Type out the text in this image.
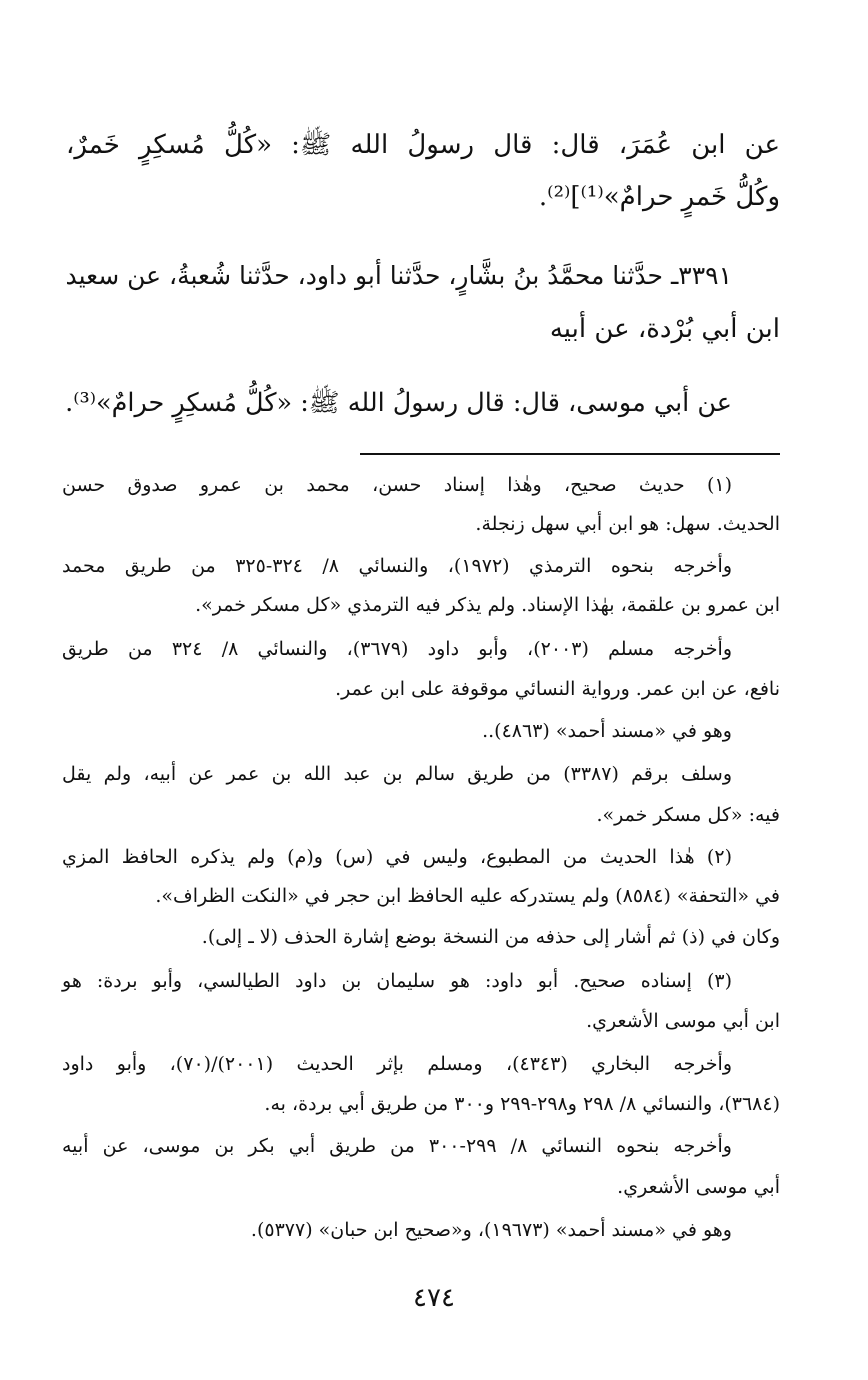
عن ابن عُمَرَ، قال: قال رسولُ الله ﷺ: «كُلُّ مُسكِرٍ خَمرٌ،
وكُلُّ خَمرٍ حرامٌ»⁽¹⁾]⁽²⁾.
٣٣٩١ـ حدَّثنا محمَّدُ بنُ بشَّارٍ، حدَّثنا أبو داود، حدَّثنا شُعبةُ، عن سعيد
ابن أبي بُرْدة، عن أبيه
عن أبي موسى، قال: قال رسولُ الله ﷺ: «كُلُّ مُسكِرٍ حرامٌ»⁽³⁾.
(١) حديث صحيح، وهٰذا إسناد حسن، محمد بن عمرو صدوق حسن
الحديث. سهل: هو ابن أبي سهل زنجلة.
وأخرجه بنحوه الترمذي (١٩٧٢)، والنسائي ٨/ ٣٢٤-٣٢٥ من طريق محمد
ابن عمرو بن علقمة، بهٰذا الإسناد. ولم يذكر فيه الترمذي «كل مسكر خمر».
وأخرجه مسلم (٢٠٠٣)، وأبو داود (٣٦٧٩)، والنسائي ٨/ ٣٢٤ من طريق
نافع، عن ابن عمر. ورواية النسائي موقوفة على ابن عمر.
وهو في «مسند أحمد» (٤٨٦٣)..
وسلف برقم (٣٣٨٧) من طريق سالم بن عبد الله بن عمر عن أبيه، ولم يقل
فيه: «كل مسكر خمر».
(٢) هٰذا الحديث من المطبوع، وليس في (س) و(م) ولم يذكره الحافظ المزي
في «التحفة» (٨٥٨٤) ولم يستدركه عليه الحافظ ابن حجر في «النكت الظراف».
وكان في (ذ) ثم أشار إلى حذفه من النسخة بوضع إشارة الحذف (لا ـ إلى).
(٣) إسناده صحيح. أبو داود: هو سليمان بن داود الطيالسي، وأبو بردة: هو
ابن أبي موسى الأشعري.
وأخرجه البخاري (٤٣٤٣)، ومسلم بإثر الحديث (٢٠٠١)/(٧٠)، وأبو داود
(٣٦٨٤)، والنسائي ٨/ ٢٩٨ و٢٩٨-٢٩٩ و٣٠٠ من طريق أبي بردة، به.
وأخرجه بنحوه النسائي ٨/ ٢٩٩-٣٠٠ من طريق أبي بكر بن موسى، عن أبيه
أبي موسى الأشعري.
وهو في «مسند أحمد» (١٩٦٧٣)، و«صحيح ابن حبان» (٥٣٧٧).
٤٧٤
